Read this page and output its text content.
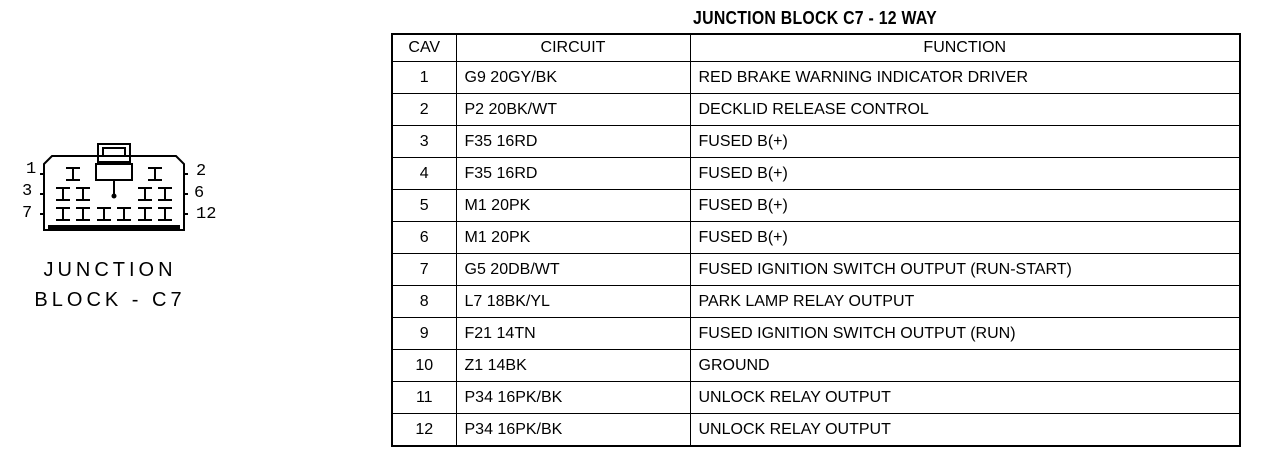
1
3
7
2
6
12
JUNCTION
BLOCK - C7
JUNCTION BLOCK C7 - 12 WAY
CAV	CIRCUIT	FUNCTION
1	G9 20GY/BK	RED BRAKE WARNING INDICATOR DRIVER
2	P2 20BK/WT	DECKLID RELEASE CONTROL
3	F35 16RD	FUSED B(+)
4	F35 16RD	FUSED B(+)
5	M1 20PK	FUSED B(+)
6	M1 20PK	FUSED B(+)
7	G5 20DB/WT	FUSED IGNITION SWITCH OUTPUT (RUN-START)
8	L7 18BK/YL	PARK LAMP RELAY OUTPUT
9	F21 14TN	FUSED IGNITION SWITCH OUTPUT (RUN)
10	Z1 14BK	GROUND
11	P34 16PK/BK	UNLOCK RELAY OUTPUT
12	P34 16PK/BK	UNLOCK RELAY OUTPUT
